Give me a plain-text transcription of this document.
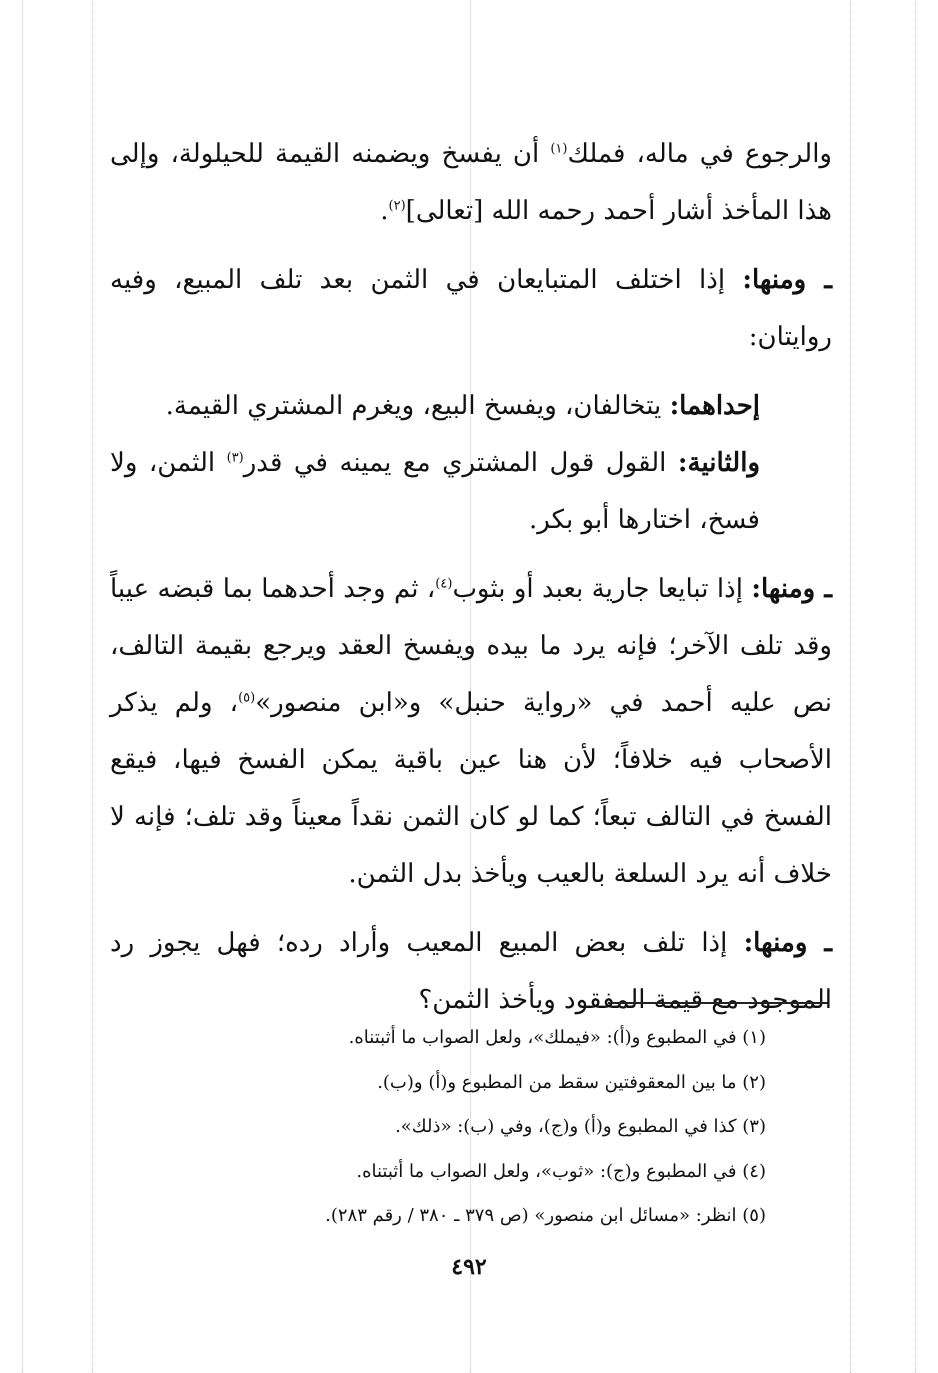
والرجوع في ماله، فملك$^{(١)}$ أن يفسخ ويضمنه القيمة للحيلولة، وإلى هذا المأخذ أشار أحمد رحمه الله [تعالى]$^{(٢)}$.

ـ ومنها: إذا اختلف المتبايعان في الثمن بعد تلف المبيع، وفيه روايتان:

إحداهما: يتخالفان، ويفسخ البيع، ويغرم المشتري القيمة.

والثانية: القول قول المشتري مع يمينه في قدر$^{(٣)}$ الثمن، ولا فسخ، اختارها أبو بكر.

ـ ومنها: إذا تبايعا جارية بعبد أو بثوب$^{(٤)}$، ثم وجد أحدهما بما قبضه عيباً وقد تلف الآخر؛ فإنه يرد ما بيده ويفسخ العقد ويرجع بقيمة التالف، نص عليه أحمد في «رواية حنبل» و«ابن منصور»$^{(٥)}$، ولم يذكر الأصحاب فيه خلافاً؛ لأن هنا عين باقية يمكن الفسخ فيها، فيقع الفسخ في التالف تبعاً؛ كما لو كان الثمن نقداً معيناً وقد تلف؛ فإنه لا خلاف أنه يرد السلعة بالعيب ويأخذ بدل الثمن.

ـ ومنها: إذا تلف بعض المبيع المعيب وأراد رده؛ فهل يجوز رد الموجود مع قيمة المفقود ويأخذ الثمن؟

(١) في المطبوع و(أ): «فيملك»، ولعل الصواب ما أثبتناه.

(٢) ما بين المعقوفتين سقط من المطبوع و(أ) و(ب).

(٣) كذا في المطبوع و(أ) و(ج)، وفي (ب): «ذلك».

(٤) في المطبوع و(ج): «ثوب»، ولعل الصواب ما أثبتناه.

(٥) انظر: «مسائل ابن منصور» (ص ٣٧٩ ـ ٣٨٠ / رقم ٢٨٣).

٤٩٢
